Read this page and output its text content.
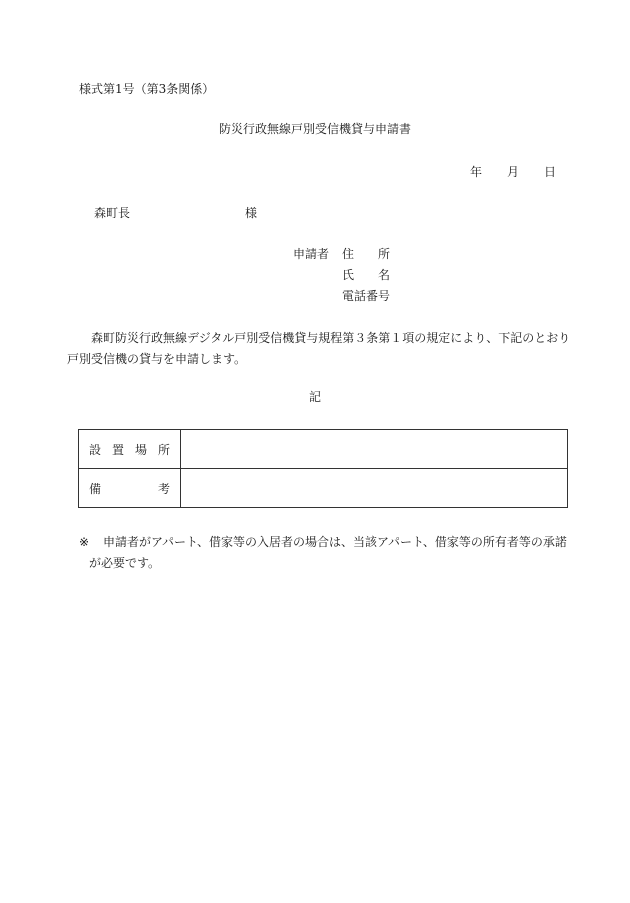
様式第1号（第3条関係）
防災行政無線戸別受信機貸与申請書
年 月 日
森町長	様
申請者 住　　所
氏　　名
電話番号
森町防災行政無線デジタル戸別受信機貸与規程第３条第１項の規定により、下記のとおり
戸別受信機の貸与を申請します。
記
設 置 場 所	

備 考	

※ 申請者がアパート、借家等の入居者の場合は、当該アパート、借家等の所有者等の承諾

が必要です。
